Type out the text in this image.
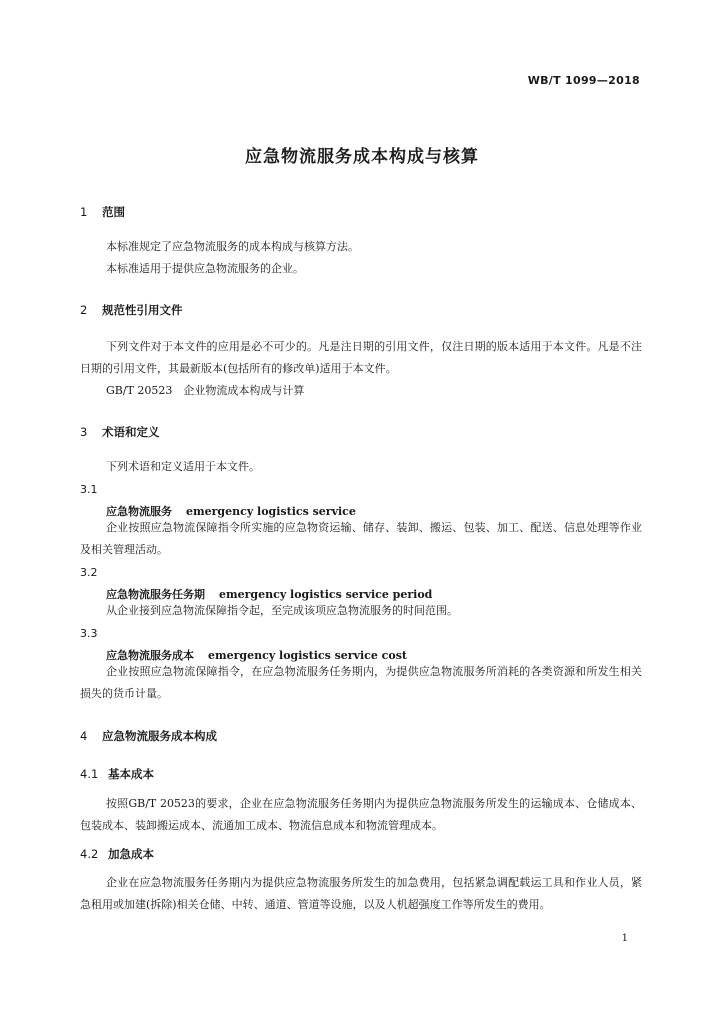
WB/T 1099—2018
应急物流服务成本构成与核算
1 范围
本标准规定了应急物流服务的成本构成与核算方法。
本标准适用于提供应急物流服务的企业。
2 规范性引用文件
下列文件对于本文件的应用是必不可少的。凡是注日期的引用文件，仅注日期的版本适用于本文件。凡是不注日期的引用文件，其最新版本(包括所有的修改单)适用于本文件。
GB/T 20523　企业物流成本构成与计算
3 术语和定义
下列术语和定义适用于本文件。
3.1
应急物流服务 emergency logistics service
企业按照应急物流保障指令所实施的应急物资运输、储存、装卸、搬运、包装、加工、配送、信息处理等作业及相关管理活动。
3.2
应急物流服务任务期 emergency logistics service period
从企业接到应急物流保障指令起，至完成该项应急物流服务的时间范围。
3.3
应急物流服务成本 emergency logistics service cost
企业按照应急物流保障指令，在应急物流服务任务期内，为提供应急物流服务所消耗的各类资源和所发生相关损失的货币计量。
4 应急物流服务成本构成
4.1 基本成本
按照GB/T 20523的要求，企业在应急物流服务任务期内为提供应急物流服务所发生的运输成本、仓储成本、包装成本、装卸搬运成本、流通加工成本、物流信息成本和物流管理成本。
4.2 加急成本
企业在应急物流服务任务期内为提供应急物流服务所发生的加急费用，包括紧急调配载运工具和作业人员，紧急租用或加建(拆除)相关仓储、中转、通道、管道等设施，以及人机超强度工作等所发生的费用。
1
